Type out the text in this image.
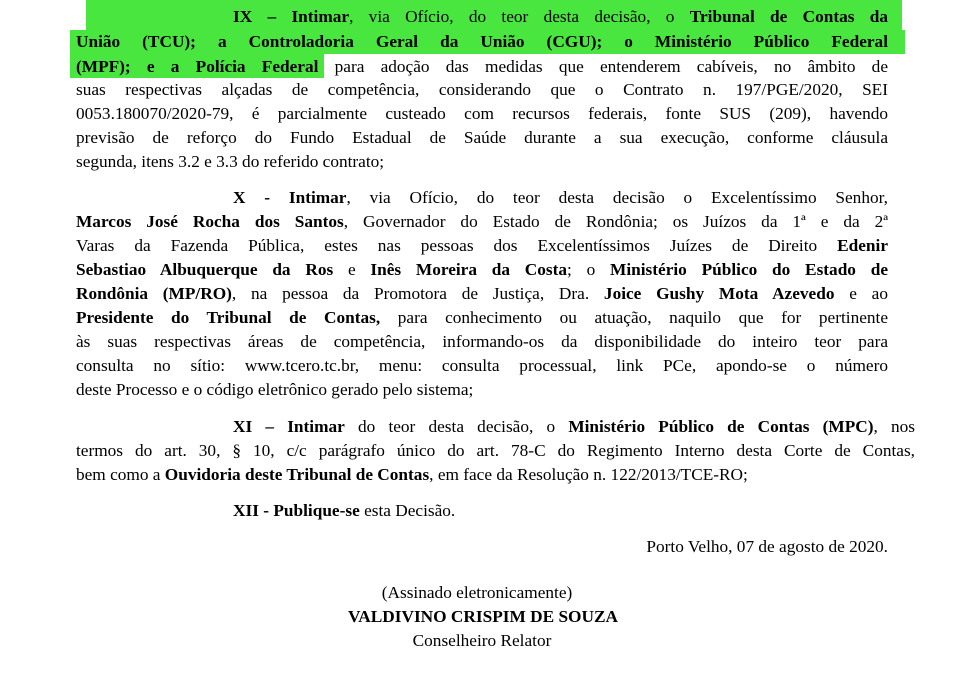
IX – Intimar, via Ofício, do teor desta decisão, o Tribunal de Contas da
União (TCU); a Controladoria Geral da União (CGU); o Ministério Público Federal
(MPF); e a Polícia Federal para adoção das medidas que entenderem cabíveis, no âmbito de
suas respectivas alçadas de competência, considerando que o Contrato n. 197/PGE/2020, SEI
0053.180070/2020-79, é parcialmente custeado com recursos federais, fonte SUS (209), havendo
previsão de reforço do Fundo Estadual de Saúde durante a sua execução, conforme cláusula
segunda, itens 3.2 e 3.3 do referido contrato;
X - Intimar, via Ofício, do teor desta decisão o Excelentíssimo Senhor,
Marcos José Rocha dos Santos, Governador do Estado de Rondônia; os Juízos da 1ª e da 2ª
Varas da Fazenda Pública, estes nas pessoas dos Excelentíssimos Juízes de Direito Edenir
Sebastiao Albuquerque da Ros e Inês Moreira da Costa; o Ministério Público do Estado de
Rondônia (MP/RO), na pessoa da Promotora de Justiça, Dra. Joice Gushy Mota Azevedo e ao
Presidente do Tribunal de Contas, para conhecimento ou atuação, naquilo que for pertinente
às suas respectivas áreas de competência, informando-os da disponibilidade do inteiro teor para
consulta no sítio: www.tcero.tc.br, menu: consulta processual, link PCe, apondo-se o número
deste Processo e o código eletrônico gerado pelo sistema;
XI – Intimar do teor desta decisão, o Ministério Público de Contas (MPC), nos
termos do art. 30, § 10, c/c parágrafo único do art. 78-C do Regimento Interno desta Corte de Contas,
bem como a Ouvidoria deste Tribunal de Contas, em face da Resolução n. 122/2013/TCE-RO;
XII - Publique-se esta Decisão.
Porto Velho, 07 de agosto de 2020.
(Assinado eletronicamente)
VALDIVINO CRISPIM DE SOUZA
Conselheiro Relator
